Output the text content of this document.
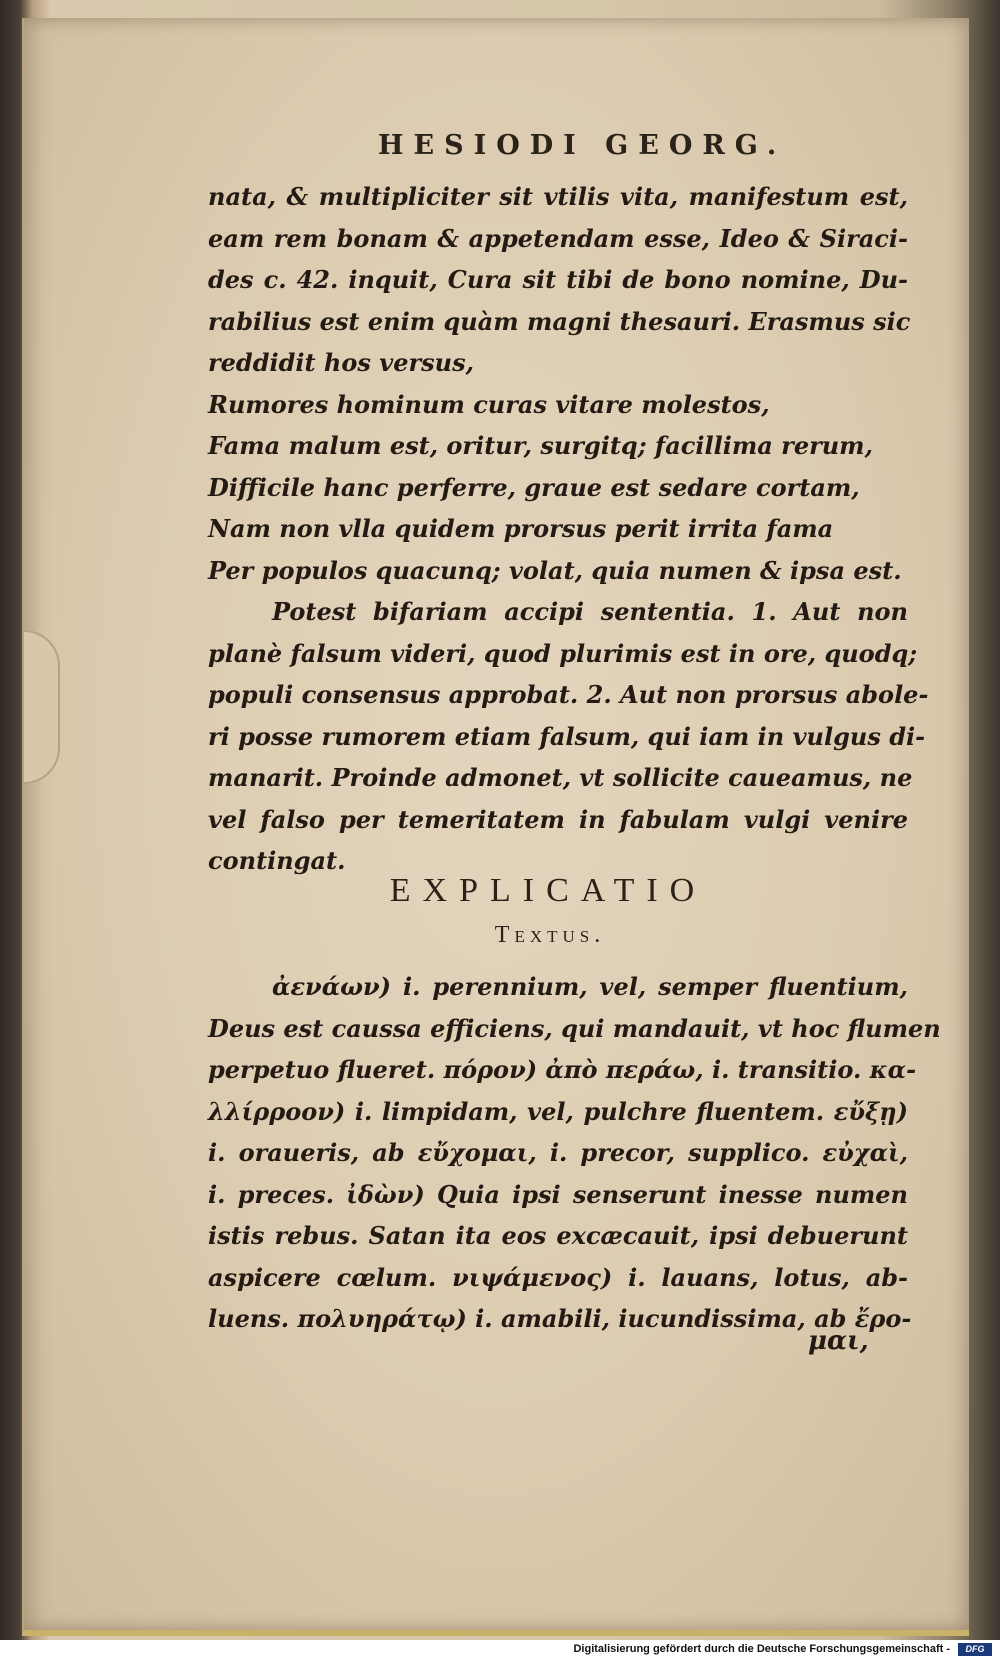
HESIODI GEORG.
nata, & multipliciter sit vtilis vita, manifestum est,
eam rem bonam & appetendam esse, Ideo & Siraci-
des c. 42. inquit, Cura sit tibi de bono nomine, Du-
rabilius est enim quàm magni thesauri. Erasmus sic
reddidit hos versus,
Rumores hominum curas vitare molestos,
Fama malum est, oritur, surgitq; facillima rerum,
Difficile hanc perferre, graue est sedare cortam,
Nam non vlla quidem prorsus perit irrita fama
Per populos quacunq; volat, quia numen & ipsa est.
Potest bifariam accipi sententia. 1. Aut non
planè falsum videri, quod plurimis est in ore, quodq;
populi consensus approbat. 2. Aut non prorsus abole-
ri posse rumorem etiam falsum, qui iam in vulgus di-
manarit. Proinde admonet, vt sollicite caueamus, ne
vel falso per temeritatem in fabulam vulgi venire
contingat.
EXPLICATIO
Textus.
ἀενάων) i. perennium, vel, semper fluentium,
Deus est caussa efficiens, qui mandauit, vt hoc flumen
perpetuo flueret. πόρον) ἀπὸ περάω, i. transitio. κα-
λλίρροον) i. limpidam, vel, pulchre fluentem. εὔξῃ)
i. oraueris, ab εὔχομαι, i. precor, supplico. εὐχαὶ,
i. preces. ἰδὼν) Quia ipsi senserunt inesse numen
istis rebus. Satan ita eos excæcauit, ipsi debuerunt
aspicere cœlum. νιψάμενος) i. lauans, lotus, ab-
luens. πολυηράτῳ) i. amabili, iucundissima, ab ἔρο-
μαι,
Digitalisierung gefördert durch die Deutsche Forschungsgemeinschaft -	DFG
